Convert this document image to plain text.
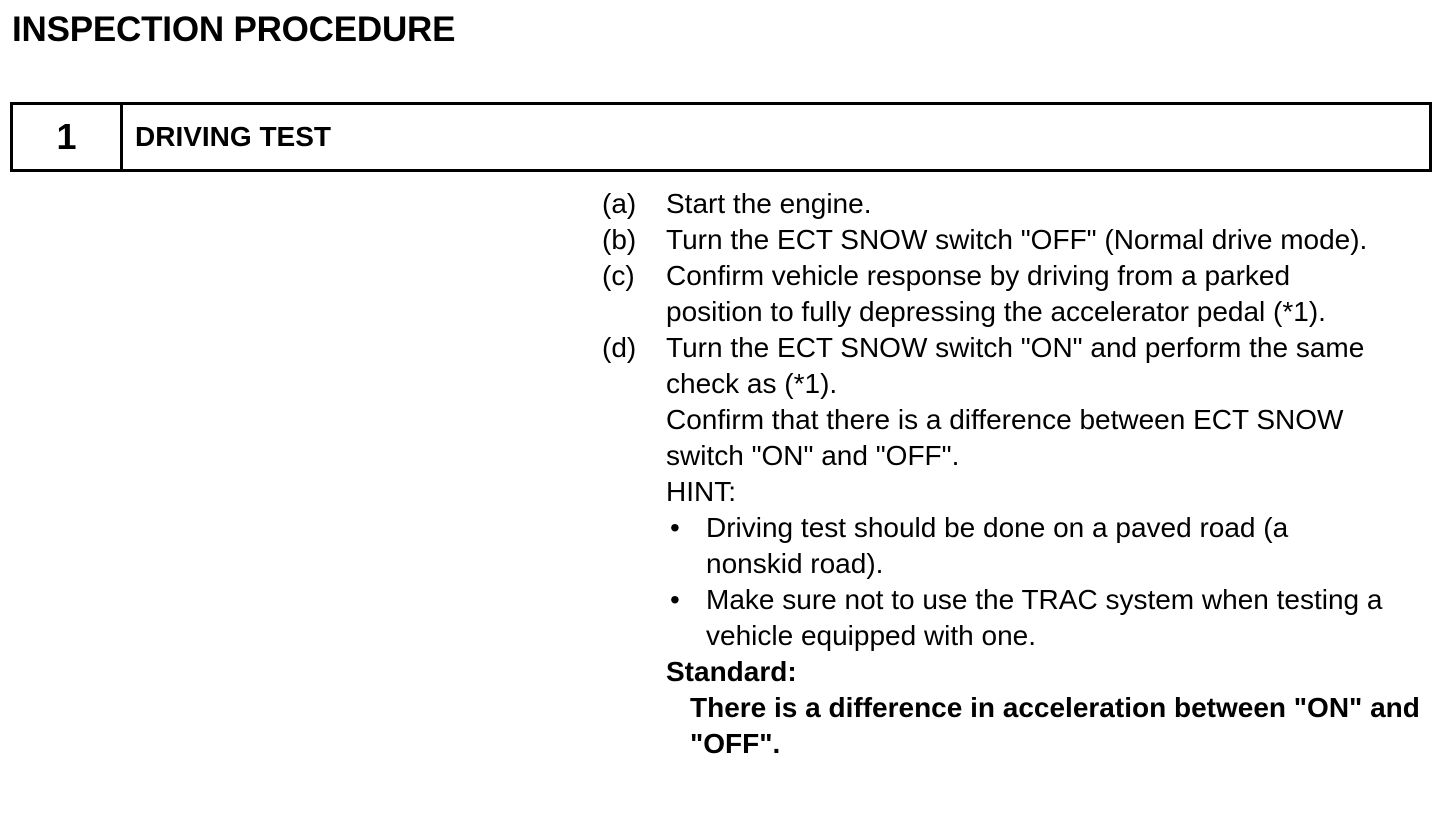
INSPECTION PROCEDURE
1	DRIVING TEST
(a)	Start the engine.
(b)	Turn the ECT SNOW switch "OFF" (Normal drive mode).
(c)	Confirm vehicle response by driving from a parked position to fully depressing the accelerator pedal (*1).
(d)	Turn the ECT SNOW switch "ON" and perform the same check as (*1).
Confirm that there is a difference between ECT SNOW switch "ON" and "OFF".
HINT:
• Driving test should be done on a paved road (a nonskid road).
• Make sure not to use the TRAC system when testing a vehicle equipped with one.
Standard:
There is a difference in acceleration between "ON" and "OFF".
